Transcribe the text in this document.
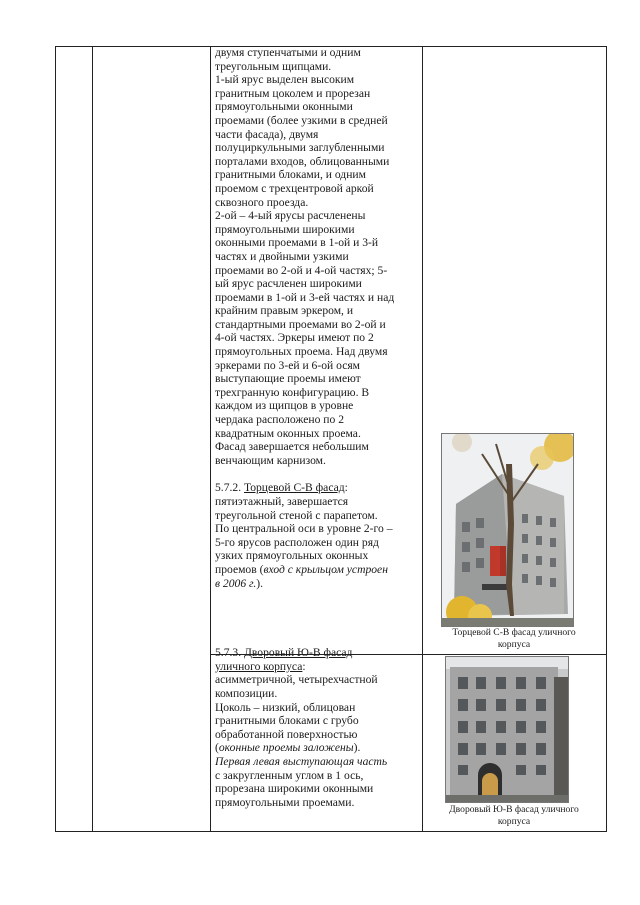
двумя ступенчатыми и одним

треугольным щипцами.

1-ый ярус выделен высоким

гранитным цоколем и прорезан

прямоугольными оконными

проемами (более узкими в средней

части фасада), двумя

полуциркульными заглубленными

порталами входов, облицованными

гранитными блоками, и одним

проемом с трехцентровой аркой

сквозного проезда.

2-ой – 4-ый ярусы расчленены

прямоугольными широкими

оконными проемами в 1-ой и 3-й

частях и двойными узкими

проемами во 2-ой и 4-ой частях; 5-

ый ярус расчленен широкими

проемами в 1-ой и 3-ей частях и над

крайним правым эркером, и

стандартными проемами во 2-ой и

4-ой частях. Эркеры имеют по 2

прямоугольных проема. Над двумя

эркерами по 3-ей и 6-ой осям

выступающие проемы имеют

трехгранную конфигурацию. В

каждом из щипцов в уровне

чердака расположено по 2

квадратным оконных проема.

Фасад завершается небольшим

венчающим карнизом.

5.7.2. Торцевой С-В фасад:

пятиэтажный, завершается

треугольной стеной с парапетом.

По центральной оси в уровне 2-го –

5-го ярусов расположен один ряд

узких прямоугольных оконных

проемов (вход с крыльцом устроен

в 2006 г.).

5.7.3. Дворовый Ю-В фасад

уличного корпуса:

асимметричной, четырехчастной

композиции.

Цоколь – низкий, облицован

гранитными блоками с грубо

обработанной поверхностью

(оконные проемы заложены).

Первая левая выступающая часть

с закругленным углом в 1 ось,

прорезана широкими оконными

прямоугольными проемами.

Торцевой С-В фасад уличного
корпуса
Дворовый Ю-В фасад уличного
корпуса
